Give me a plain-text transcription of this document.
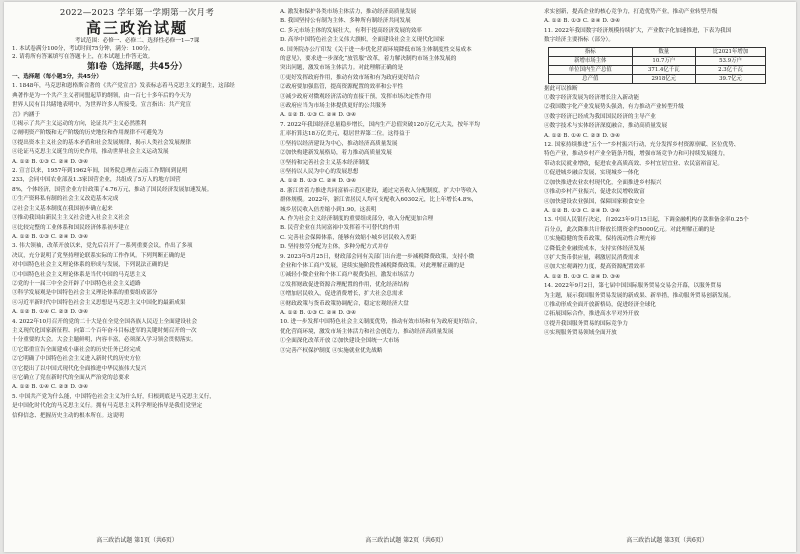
2022—2023 学年第一学期第一次月考

高三政治试题

考试范围：必修一、必修二、选择性必修一1—7课

1. 本试卷满分100分，考试时间75分钟，满分：100分。

2. 请将所有答案填写在答题卡上，在本试题上作答无效。

第Ⅰ卷（选择题，共45分）

一、选择题（每小题3分，共45分）

1. 1848年，马克思和恩格斯合著的《共产党宣言》发表标志着马克思主义的诞生，这部经

典著作是为一个共产主义者同盟起草的纲领，由一百七十多年后的今天为

世界人民有目共睹地表明中，为世界许多人所接受。宣言指出：共产党宣

言》内涵于

①揭示了共产主义运动的方向，论证共产主义必然胜利

②阐明资产阶级和无产阶级的历史地位和作用规律不可避免为

③提出资本主义社会的基本矛盾和社会发展规律，揭示人类社会发展规律

④论证马克思主义诞生的历史作用，推动世界社会主义运动发展

A. ①② B. ①③ C. ②④ D. ③④

2. 宣言以来，1957年到1962年间，国务院总理在云南工作期间到昆明

233，会同中国农业部及1.3家国营企业，共组成了5万人的地方国营

8%，个体经济，国营企业方针政策了4.76万元，推动了国民经济发展加速发展。

①生产资料私有制的社会主义改造基本完成

②社会主义基本制度在我国初步确立起来

③推动我国由新民主主义社会进入社会主义社会

④比较完整的工业体系和国民经济体系初步建立

A. ①② B. ①③ C. ②④ D. ③④

3. 伟大领袖，改革开放以来，党先后召开了一系列重要会议，作出了多项

决议，充分说明了党坚持理论联系实际的工作作风。下列判断正确的是

对中国特色社会主义理论体系的形成与发展，下列说法正确的是

①中国特色社会主义理论体系是当代中国的马克思主义

②党的十一届三中全会开辟了中国特色社会主义道路

③科学发展观是中国特色社会主义理论体系的重要组成部分

④习近平新时代中国特色社会主义思想是马克思主义中国化的最新成果

A. ①② B. ①④ C. ②③ D. ③④

4. 2022年10月召开的党的二十大是在全党全国各族人民迈上全面建设社会

主义现代化国家新征程、向第二个百年奋斗目标进军的关键时刻召开的一次

十分重要的大会。大会主题鲜明，内容丰富，必须深入学习领会贯彻落实。

①它郑重宣告全面建成小康社会的历史任务已经完成

②它明确了中国特色社会主义进入新时代的历史方位

③它提出了以中国式现代化全面推进中华民族伟大复兴

④它确立了党在新时代的全面从严治党的总要求

A. ①② B. ①④ C. ②③ D. ③④

5. 中国共产党为什么能，中国特色社会主义为什么好，归根到底是马克思主义行，

是中国化时代化的马克思主义行。拥有马克思主义科学理论指导是我们党坚定

信仰信念、把握历史主动的根本所在。这说明

A. 激发和保护各类市场主体活力，推动经济高质量发展

B. 我国坚持公有制为主体、多种所有制经济共同发展

C. 多元市场主体的发展壮大，有利于提高经济发展的效率

D. 高举中国特色社会主义伟大旗帜，全面建设社会主义现代化国家

6. 国务院办公厅印发《关于进一步优化营商环境降低市场主体制度性交易成本

的意见》，要求进一步深化“放管服”改革，着力解决制约市场主体发展的

突出问题，激发市场主体活力。对此理解正确的是

①更好发挥政府作用，推动有效市场和有为政府更好结合

②政府要加强监管，提高资源配置的效率和公平性

③减少政府对微观经济活动的直接干预，发挥市场决定性作用

④政府应当为市场主体提供更好的公共服务

A. ①② B. ①③ C. ②④ D. ③④

7. 2022年我国经济总量稳步增长，国内生产总值突破120万亿元大关，按年平均

汇率折算达18万亿美元，稳居世界第二位。这得益于

①坚持以经济建设为中心，推动经济高质量发展

②加快构建新发展格局，着力推动高质量发展

③坚持和完善社会主义基本经济制度

④坚持以人民为中心的发展思想

A. ①② B. ①③ C. ②④ D. ③④

8. 浙江省着力推进共同富裕示范区建设，通过完善收入分配制度，扩大中等收入

群体规模。2022年，浙江省居民人均可支配收入60302元，比上年增长4.8%，

城乡居民收入倍差缩小到1.90。这表明

A. 作为社会主义经济制度的重要组成部分，收入分配更加合理

B. 民营企业在共同富裕中发挥着不可替代的作用

C. 完善社会保障体系，能够有效缩小城乡居民收入差距

D. 坚持按劳分配为主体，多种分配方式并存

9. 2023年5月25日，财政部会同有关部门出台进一步减税降费政策，支持小微

企业和个体工商户发展，延续实施阶段性减税降费政策。对此理解正确的是

①减轻小微企业和个体工商户税费负担，激发市场活力

②发挥财政促进资源合理配置的作用，优化经济结构

③增加居民收入，促进消费增长，扩大社会总需求

④财政政策与货币政策协调配合，稳定宏观经济大盘

A. ①② B. ①③ C. ②④ D. ③④

10. 进一步发挥中国特色社会主义制度优势，推动有效市场和有为政府更好结合，

优化营商环境，激发市场主体活力和社会创造力，推动经济高质量发展

①全面深化改革开放 ②加快建设全国统一大市场

③完善产权保护制度 ④实施就业优先战略

求实创新，提高企业的核心竞争力，打造优势产业，推动产业转型升级

A. ①② B. ①③ C. ②④ D. ③④

11. 2022年我国数字经济规模持续扩大，产业数字化加速推进，下表为我国

数字经济主要指标（部分）。

指标	数量	比2021年增加
新增市场主体	10.7万户	53.9万户
单位国内生产总值	371.4亿千瓦	2.3亿千瓦
总产值	2918亿元	39.7亿元

据此可以推断

①数字经济发展为经济增长注入新动能

②我国数字化产业发展势头强劲，有力推动产业转型升级

③数字经济已经成为我国国民经济的主导产业

④数字技术与实体经济深度融合，推动高质量发展

A. ①② B. ①④ C. ②③ D. ③④

12. 国家持续推进“五个一”乡村振兴行动，充分发挥乡村资源禀赋、区位优势、

特色产业，推动乡村产业全链条升级，增强市场竞争力和可持续发展能力，

带动农民就业增收，促进农业高质高效、乡村宜居宜业、农民富裕富足。

①促进城乡融合发展，实现城乡一体化

②加快推进农业农村现代化，全面推进乡村振兴

③推动乡村产业振兴，促进农民增收致富

④加快建设农业强国，保障国家粮食安全

A. ①② B. ①③ C. ②④ D. ③④

13. 中国人民银行决定，自2023年9月15日起，下调金融机构存款准备金率0.25个

百分点，此次降准共计释放长期资金约5000亿元。对此理解正确的是

①实施稳健的货币政策，保持流动性合理充裕

②降低企业融资成本，支持实体经济发展

③扩大货币供应量，刺激居民消费需求

④加大宏观调控力度，提高资源配置效率

A. ①② B. ①③ C. ②④ D. ③④

14. 2022年9月2日，第七届中国国际服务贸易交易会开幕，以服务贸易

为主题，展示我国服务贸易发展的新成果、新举措，推动服务贸易创新发展。

①推动形成全面开放新格局，促进经济全球化

②拓展国际合作，推进高水平对外开放

③提升我国服务贸易的国际竞争力

④实现服务贸易领域全面开放

高三政治试题 第1页（共6页）	高三政治试题 第2页（共6页）	高三政治试题 第3页（共6页）
